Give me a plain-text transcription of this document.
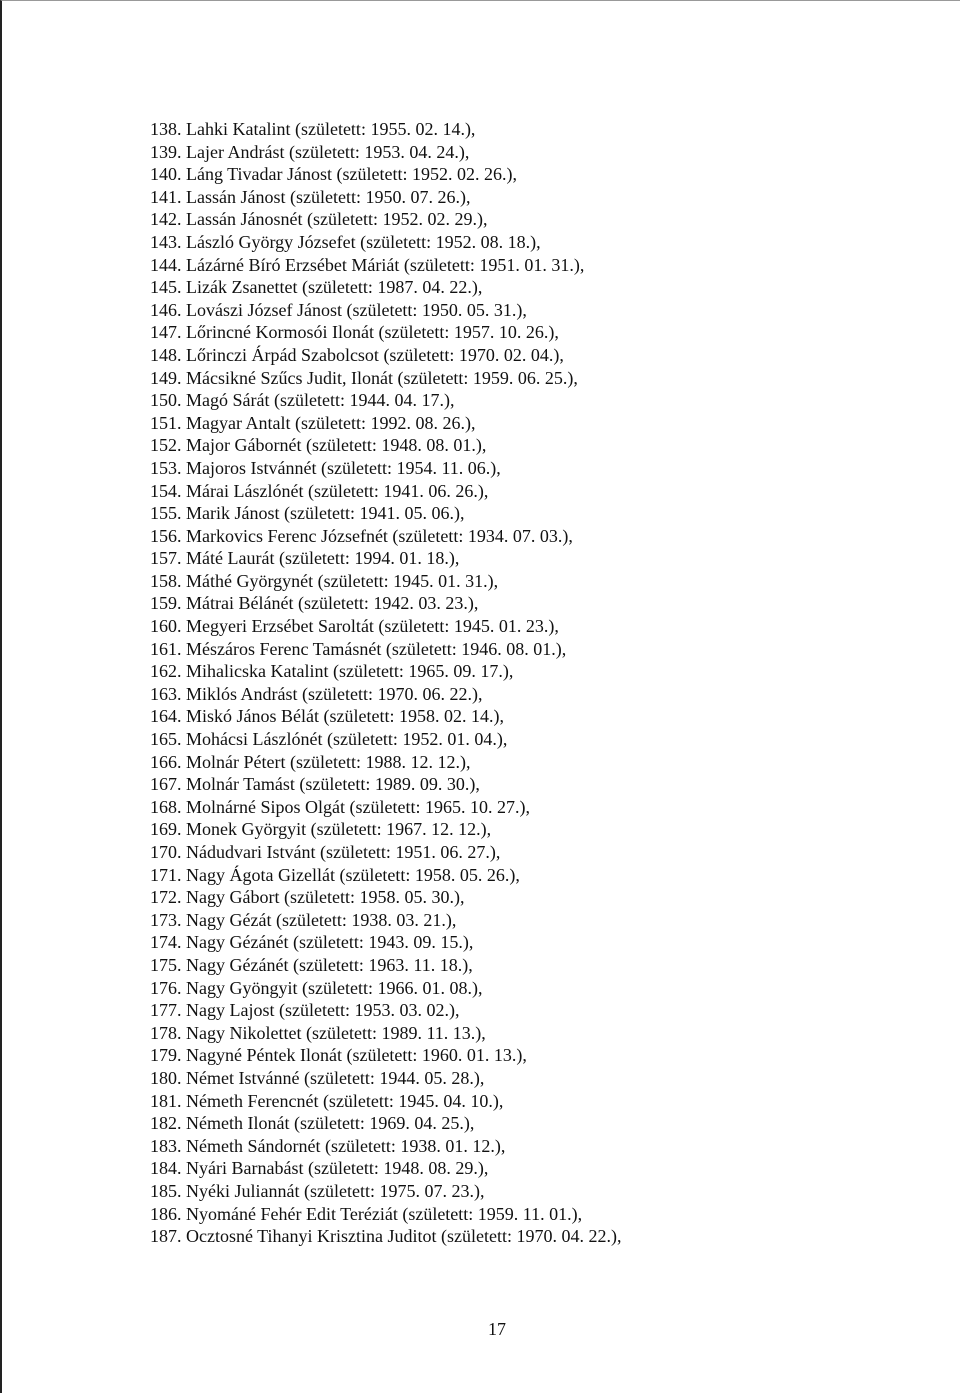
138. Lahki Katalint (született: 1955. 02. 14.),
139. Lajer Andrást (született: 1953. 04. 24.),
140. Láng Tivadar Jánost (született: 1952. 02. 26.),
141. Lassán Jánost (született: 1950. 07. 26.),
142. Lassán Jánosnét (született: 1952. 02. 29.),
143. László György Józsefet (született: 1952. 08. 18.),
144. Lázárné Bíró Erzsébet Máriát (született: 1951. 01. 31.),
145. Lizák Zsanettet (született: 1987. 04. 22.),
146. Lovászi József Jánost (született: 1950. 05. 31.),
147. Lőrincné Kormosói Ilonát (született: 1957. 10. 26.),
148. Lőrinczi Árpád Szabolcsot (született: 1970. 02. 04.),
149. Mácsikné Szűcs Judit, Ilonát (született: 1959. 06. 25.),
150. Magó Sárát (született: 1944. 04. 17.),
151. Magyar Antalt (született: 1992. 08. 26.),
152. Major Gábornét (született: 1948. 08. 01.),
153. Majoros Istvánnét (született: 1954. 11. 06.),
154. Márai Lászlónét (született: 1941. 06. 26.),
155. Marik Jánost (született: 1941. 05. 06.),
156. Markovics Ferenc Józsefnét (született: 1934. 07. 03.),
157. Máté Laurát (született: 1994. 01. 18.),
158. Máthé Györgynét (született: 1945. 01. 31.),
159. Mátrai Bélánét (született: 1942. 03. 23.),
160. Megyeri Erzsébet Saroltát (született: 1945. 01. 23.),
161. Mészáros Ferenc Tamásnét (született: 1946. 08. 01.),
162. Mihalicska Katalint (született: 1965. 09. 17.),
163. Miklós Andrást (született: 1970. 06. 22.),
164. Miskó János Bélát (született: 1958. 02. 14.),
165. Mohácsi Lászlónét (született: 1952. 01. 04.),
166. Molnár Pétert (született: 1988. 12. 12.),
167. Molnár Tamást (született: 1989. 09. 30.),
168. Molnárné Sipos Olgát (született: 1965. 10. 27.),
169. Monek Györgyit (született: 1967. 12. 12.),
170. Nádudvari Istvánt (született: 1951. 06. 27.),
171. Nagy Ágota Gizellát (született: 1958. 05. 26.),
172. Nagy Gábort (született: 1958. 05. 30.),
173. Nagy Gézát (született: 1938. 03. 21.),
174. Nagy Gézánét (született: 1943. 09. 15.),
175. Nagy Gézánét (született: 1963. 11. 18.),
176. Nagy Gyöngyit (született: 1966. 01. 08.),
177. Nagy Lajost (született: 1953. 03. 02.),
178. Nagy Nikolettet (született: 1989. 11. 13.),
179. Nagyné Péntek Ilonát (született: 1960. 01. 13.),
180. Német Istvánné (született: 1944. 05. 28.),
181. Németh Ferencnét (született: 1945. 04. 10.),
182. Németh Ilonát (született: 1969. 04. 25.),
183. Németh Sándornét (született: 1938. 01. 12.),
184. Nyári Barnabást (született: 1948. 08. 29.),
185. Nyéki Juliannát (született: 1975. 07. 23.),
186. Nyománé Fehér Edit Teréziát (született: 1959. 11. 01.),
187. Ocztosné Tihanyi Krisztina Juditot (született: 1970. 04. 22.),
17
